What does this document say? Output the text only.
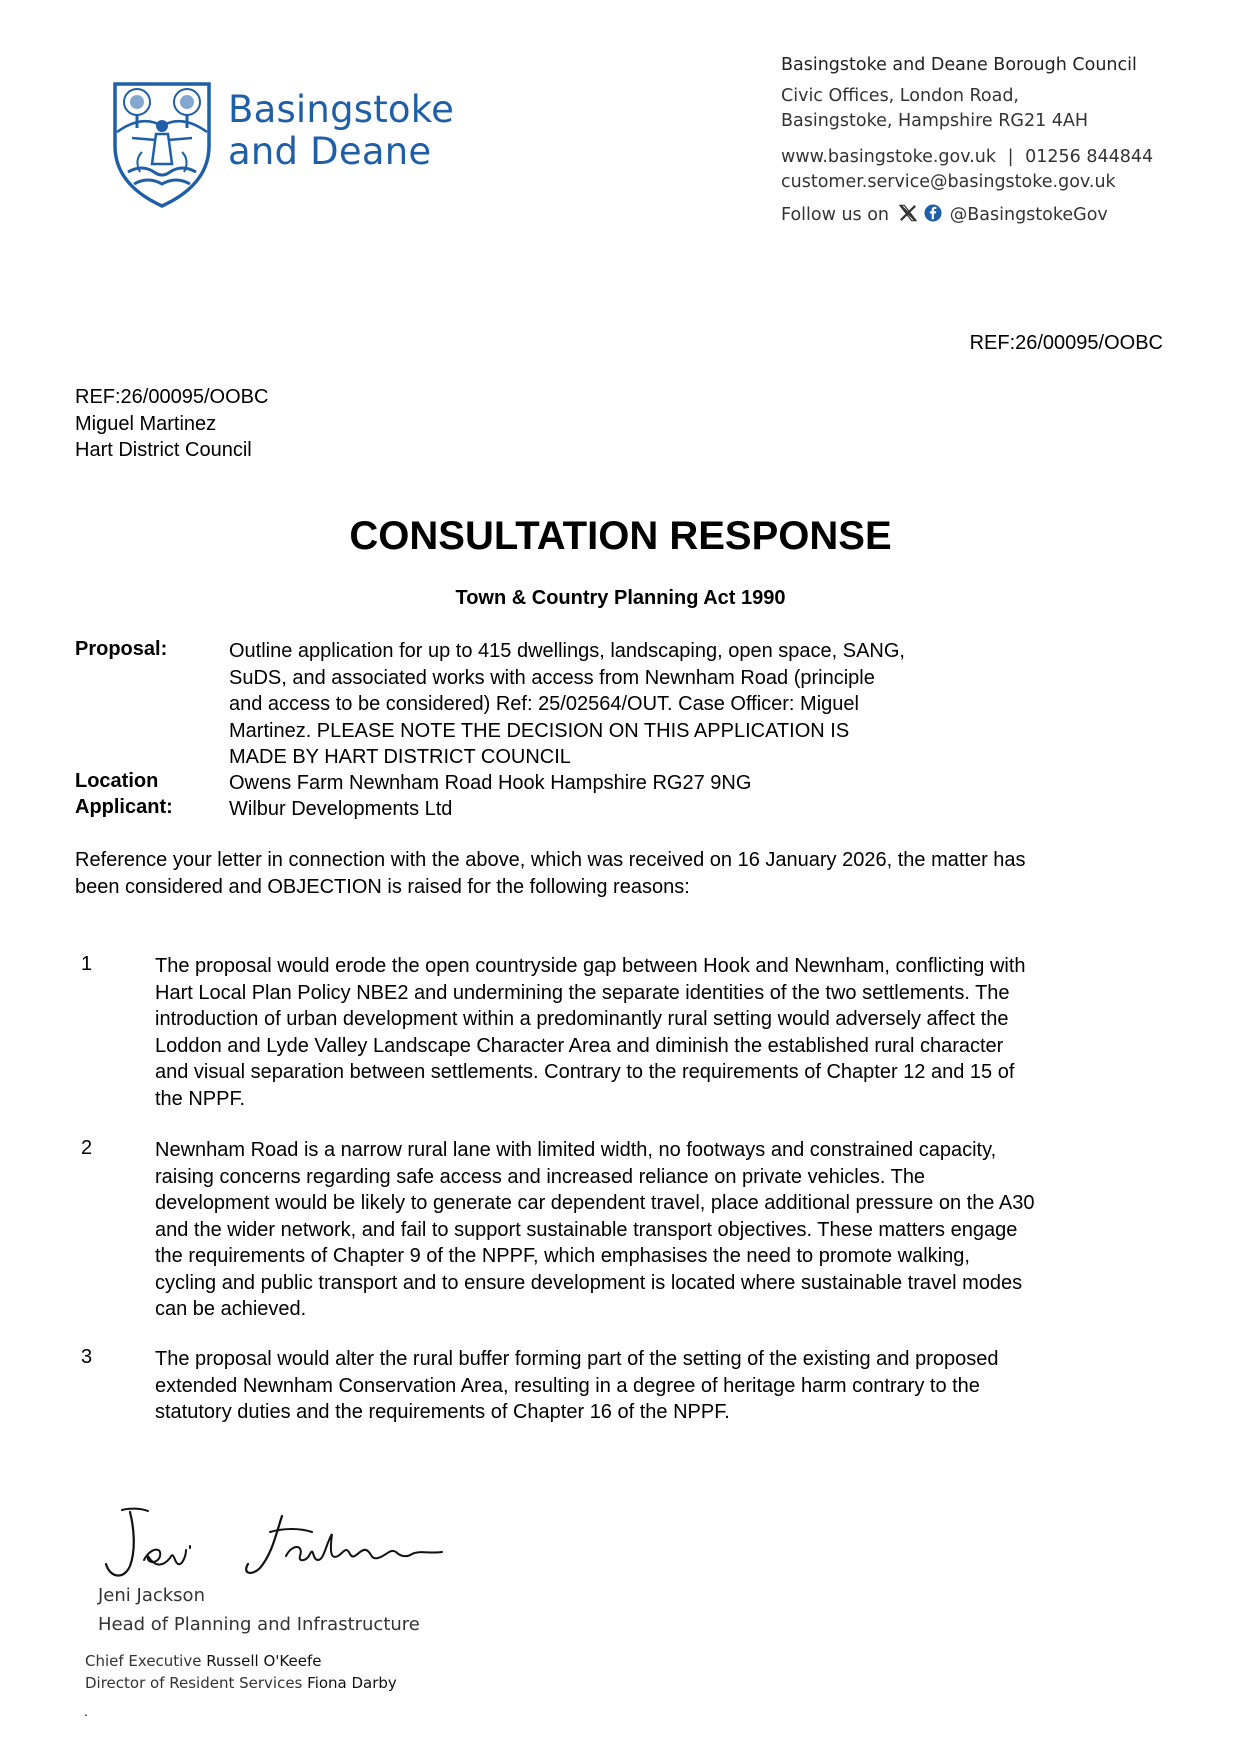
Basingstoke
and Deane
Basingstoke and Deane Borough Council
Civic Offices, London Road,
Basingstoke, Hampshire RG21 4AH
www.basingstoke.gov.uk | 01256 844844
customer.service@basingstoke.gov.uk
Follow us on	@BasingstokeGov
REF:26/00095/OOBC
REF:26/00095/OOBC
Miguel Martinez
Hart District Council
CONSULTATION RESPONSE
Town & Country Planning Act 1990
Proposal:	Outline application for up to 415 dwellings, landscaping, open space, SANG,
SuDS, and associated works with access from Newnham Road (principle
and access to be considered) Ref: 25/02564/OUT. Case Officer: Miguel
Martinez. PLEASE NOTE THE DECISION ON THIS APPLICATION IS
MADE BY HART DISTRICT COUNCIL
Location	Owens Farm Newnham Road Hook Hampshire RG27 9NG
Applicant:	Wilbur Developments Ltd
Reference your letter in connection with the above, which was received on 16 January 2026, the matter has
been considered and OBJECTION is raised for the following reasons:
1	The proposal would erode the open countryside gap between Hook and Newnham, conflicting with
Hart Local Plan Policy NBE2 and undermining the separate identities of the two settlements. The
introduction of urban development within a predominantly rural setting would adversely affect the
Loddon and Lyde Valley Landscape Character Area and diminish the established rural character
and visual separation between settlements. Contrary to the requirements of Chapter 12 and 15 of
the NPPF.
2	Newnham Road is a narrow rural lane with limited width, no footways and constrained capacity,
raising concerns regarding safe access and increased reliance on private vehicles. The
development would be likely to generate car dependent travel, place additional pressure on the A30
and the wider network, and fail to support sustainable transport objectives. These matters engage
the requirements of Chapter 9 of the NPPF, which emphasises the need to promote walking,
cycling and public transport and to ensure development is located where sustainable travel modes
can be achieved.
3	The proposal would alter the rural buffer forming part of the setting of the existing and proposed
extended Newnham Conservation Area, resulting in a degree of heritage harm contrary to the
statutory duties and the requirements of Chapter 16 of the NPPF.
Jeni Jackson
Head of Planning and Infrastructure
Chief Executive Russell O'Keefe
Director of Resident Services Fiona Darby
.
